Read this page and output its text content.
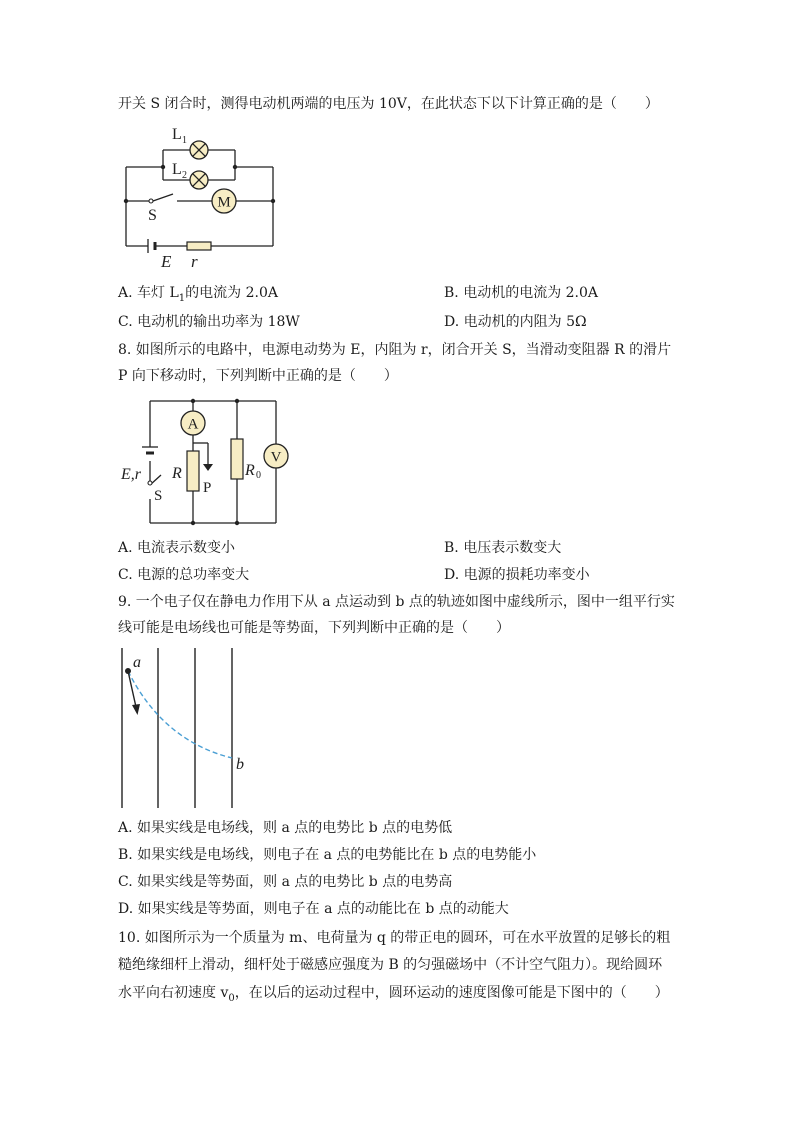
开关 S 闭合时，测得电动机两端的电压为 10V，在此状态下以下计算正确的是（　　）
M
L 1
L 2
S
E r
A. 车灯 $L_1$的电流为 2.0A	B. 电动机的电流为 2.0A
C. 电动机的输出功率为 18W	D. 电动机的内阻为 5Ω
8. 如图所示的电路中，电源电动势为 E，内阻为 r，闭合开关 S，当滑动变阻器 R 的滑片
P 向下移动时，下列判断中正确的是（　　）
A
V
E,r
S
R
P
R 0
A. 电流表示数变小	B. 电压表示数变大
C. 电源的总功率变大	D. 电源的损耗功率变小
9. 一个电子仅在静电力作用下从 a 点运动到 b 点的轨迹如图中虚线所示，图中一组平行实
线可能是电场线也可能是等势面，下列判断中正确的是（　　）
a
b
A. 如果实线是电场线，则 a 点的电势比 b 点的电势低
B. 如果实线是电场线，则电子在 a 点的电势能比在 b 点的电势能小
C. 如果实线是等势面，则 a 点的电势比 b 点的电势高
D. 如果实线是等势面，则电子在 a 点的动能比在 b 点的动能大
10. 如图所示为一个质量为 m、电荷量为 q 的带正电的圆环，可在水平放置的足够长的粗
糙绝缘细杆上滑动，细杆处于磁感应强度为 B 的匀强磁场中（不计空气阻力）。现给圆环
水平向右初速度 $v_0$，在以后的运动过程中，圆环运动的速度图像可能是下图中的（　　）
